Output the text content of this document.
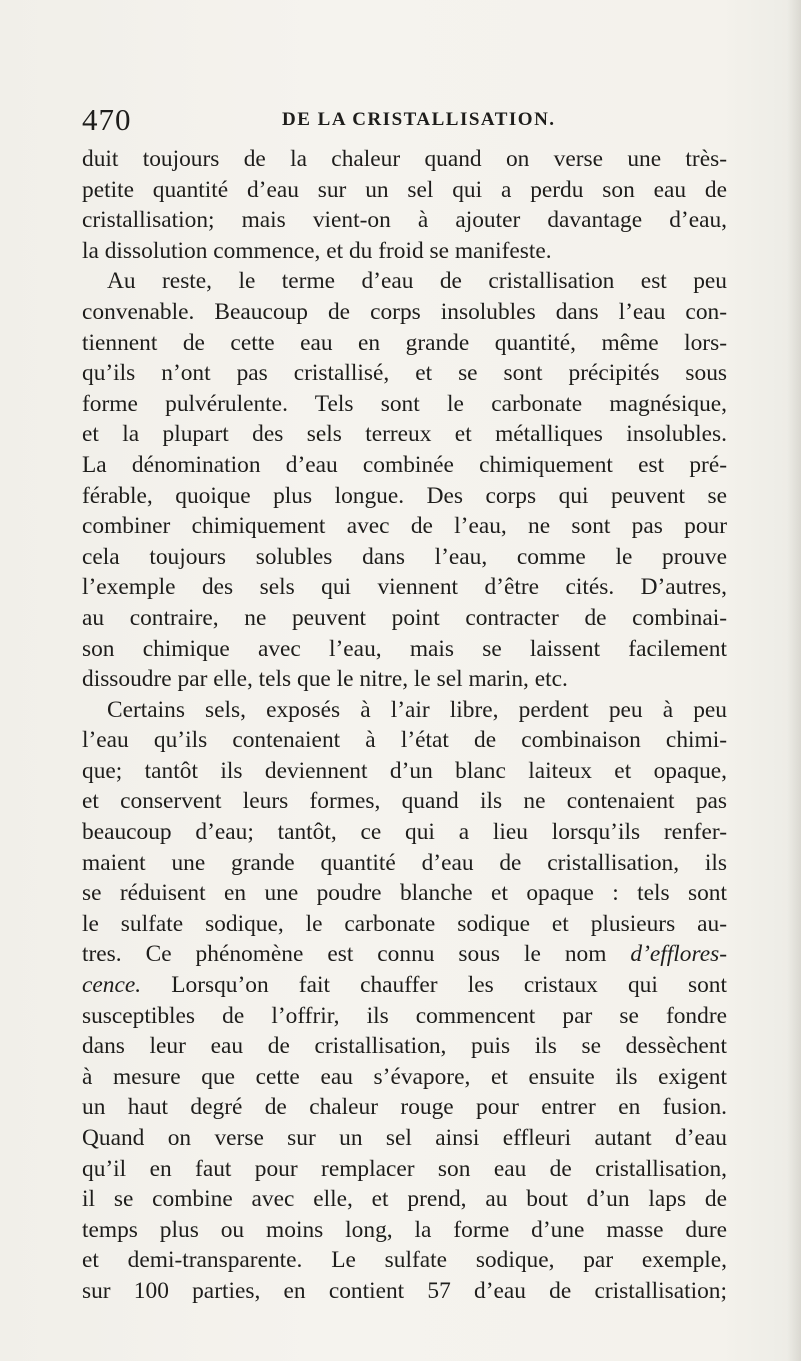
470	DE LA CRISTALLISATION.
duit toujours de la chaleur quand on verse une très-
petite quantité d’eau sur un sel qui a perdu son eau de
cristallisation; mais vient-on à ajouter davantage d’eau,
la dissolution commence, et du froid se manifeste.
Au reste, le terme d’eau de cristallisation est peu
convenable. Beaucoup de corps insolubles dans l’eau con-
tiennent de cette eau en grande quantité, même lors-
qu’ils n’ont pas cristallisé, et se sont précipités sous
forme pulvérulente. Tels sont le carbonate magnésique,
et la plupart des sels terreux et métalliques insolubles.
La dénomination d’eau combinée chimiquement est pré-
férable, quoique plus longue. Des corps qui peuvent se
combiner chimiquement avec de l’eau, ne sont pas pour
cela toujours solubles dans l’eau, comme le prouve
l’exemple des sels qui viennent d’être cités. D’autres,
au contraire, ne peuvent point contracter de combinai-
son chimique avec l’eau, mais se laissent facilement
dissoudre par elle, tels que le nitre, le sel marin, etc.
Certains sels, exposés à l’air libre, perdent peu à peu
l’eau qu’ils contenaient à l’état de combinaison chimi-
que; tantôt ils deviennent d’un blanc laiteux et opaque,
et conservent leurs formes, quand ils ne contenaient pas
beaucoup d’eau; tantôt, ce qui a lieu lorsqu’ils renfer-
maient une grande quantité d’eau de cristallisation, ils
se réduisent en une poudre blanche et opaque : tels sont
le sulfate sodique, le carbonate sodique et plusieurs au-
tres. Ce phénomène est connu sous le nom d’efflores-
cence. Lorsqu’on fait chauffer les cristaux qui sont
susceptibles de l’offrir, ils commencent par se fondre
dans leur eau de cristallisation, puis ils se dessèchent
à mesure que cette eau s’évapore, et ensuite ils exigent
un haut degré de chaleur rouge pour entrer en fusion.
Quand on verse sur un sel ainsi effleuri autant d’eau
qu’il en faut pour remplacer son eau de cristallisation,
il se combine avec elle, et prend, au bout d’un laps de
temps plus ou moins long, la forme d’une masse dure
et demi-transparente. Le sulfate sodique, par exemple,
sur 100 parties, en contient 57 d’eau de cristallisation;
